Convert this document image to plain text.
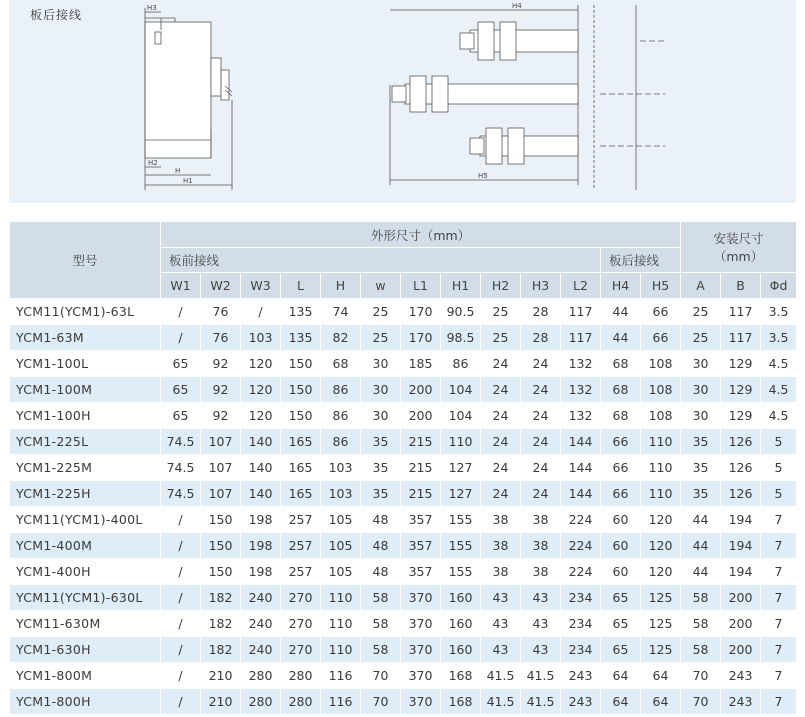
板后接线	H3
H2
H
H1
H4
H5
型号	外形尺寸（mm）													安装尺寸
（mm）		
	板前接线											板后接线				
	W1	W2	W3	L	H	w	L1	H1	H2	H3	L2	H4	H5	A	B	Φd
YCM11(YCM1)-63L	/	76	/	135	74	25	170	90.5	25	28	117	44	66	25	117	3.5
YCM1-63M	/	76	103	135	82	25	170	98.5	25	28	117	44	66	25	117	3.5
YCM1-100L	65	92	120	150	68	30	185	86	24	24	132	68	108	30	129	4.5
YCM1-100M	65	92	120	150	86	30	200	104	24	24	132	68	108	30	129	4.5
YCM1-100H	65	92	120	150	86	30	200	104	24	24	132	68	108	30	129	4.5
YCM1-225L	74.5	107	140	165	86	35	215	110	24	24	144	66	110	35	126	5
YCM1-225M	74.5	107	140	165	103	35	215	127	24	24	144	66	110	35	126	5
YCM1-225H	74.5	107	140	165	103	35	215	127	24	24	144	66	110	35	126	5
YCM11(YCM1)-400L	/	150	198	257	105	48	357	155	38	38	224	60	120	44	194	7
YCM1-400M	/	150	198	257	105	48	357	155	38	38	224	60	120	44	194	7
YCM1-400H	/	150	198	257	105	48	357	155	38	38	224	60	120	44	194	7
YCM11(YCM1)-630L	/	182	240	270	110	58	370	160	43	43	234	65	125	58	200	7
YCM11-630M	/	182	240	270	110	58	370	160	43	43	234	65	125	58	200	7
YCM1-630H	/	182	240	270	110	58	370	160	43	43	234	65	125	58	200	7
YCM1-800M	/	210	280	280	116	70	370	168	41.5	41.5	243	64	64	70	243	7
YCM1-800H	/	210	280	280	116	70	370	168	41.5	41.5	243	64	64	70	243	7
